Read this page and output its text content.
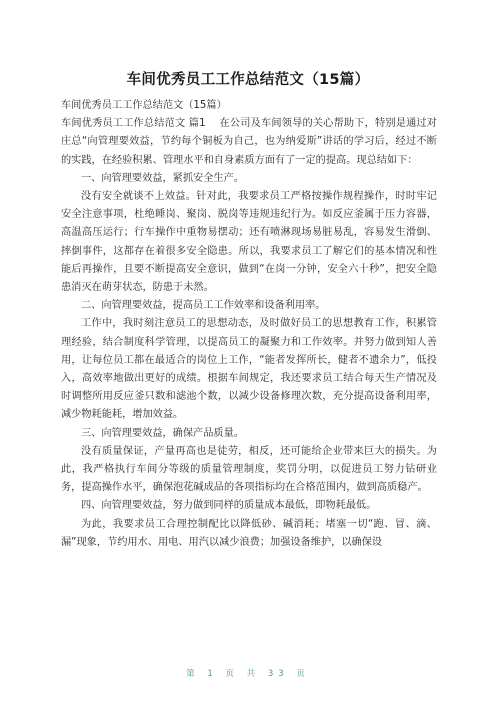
车间优秀员工工作总结范文（15篇）

车间优秀员工工作总结范文（15篇）

车间优秀员工工作总结范文 篇1　 在公司及车间领导的关心帮助下，特别是通过对庄总“向管理要效益，节约每个铜板为自己，也为纳爱斯”讲话的学习后，经过不断的实践，在经验积累、管理水平和自身素质方面有了一定的提高。现总结如下：

一、向管理要效益，紧抓安全生产。

没有安全就谈不上效益。针对此，我要求员工严格按操作规程操作，时时牢记安全注意事项，杜绝睡岗、聚岗、脱岗等违规违纪行为。如反应釜属于压力容器，高温高压运行；行车操作中重物易摆动；还有喷淋现场易脏易乱，容易发生滑倒、摔倒事件，这都存在着很多安全隐患。所以，我要求员工了解它们的基本情况和性能后再操作，且要不断提高安全意识，做到“在岗一分钟，安全六十秒”，把安全隐患消灭在萌芽状态，防患于未然。

二、向管理要效益，提高员工工作效率和设备利用率。

工作中，我时刻注意员工的思想动态，及时做好员工的思想教育工作，积累管理经验，结合制度科学管理，以提高员工的凝聚力和工作效率。并努力做到知人善用，让每位员工都在最适合的岗位上工作，“能者发挥所长，健者不遗余力”，低投入，高效率地做出更好的成绩。根据车间规定，我还要求员工结合每天生产情况及时调整所用反应釜只数和滤池个数，以减少设备修理次数，充分提高设备利用率，减少物耗能耗，增加效益。

三、向管理要效益，确保产品质量。

没有质量保证，产量再高也是徒劳，相反，还可能给企业带来巨大的损失。为此，我严格执行车间分等级的质量管理制度，奖罚分明，以促进员工努力钻研业务，提高操作水平，确保泡花碱成品的各项指标均在合格范围内，做到高质稳产。

四、向管理要效益，努力做到同样的质量成本最低，即物耗最低。

为此，我要求员工合理控制配比以降低砂、碱消耗；堵塞一切“跑、冒、滴、漏”现象，节约用水、用电、用汽以减少浪费；加强设备维护，以确保设

第 1 页 共 33 页
